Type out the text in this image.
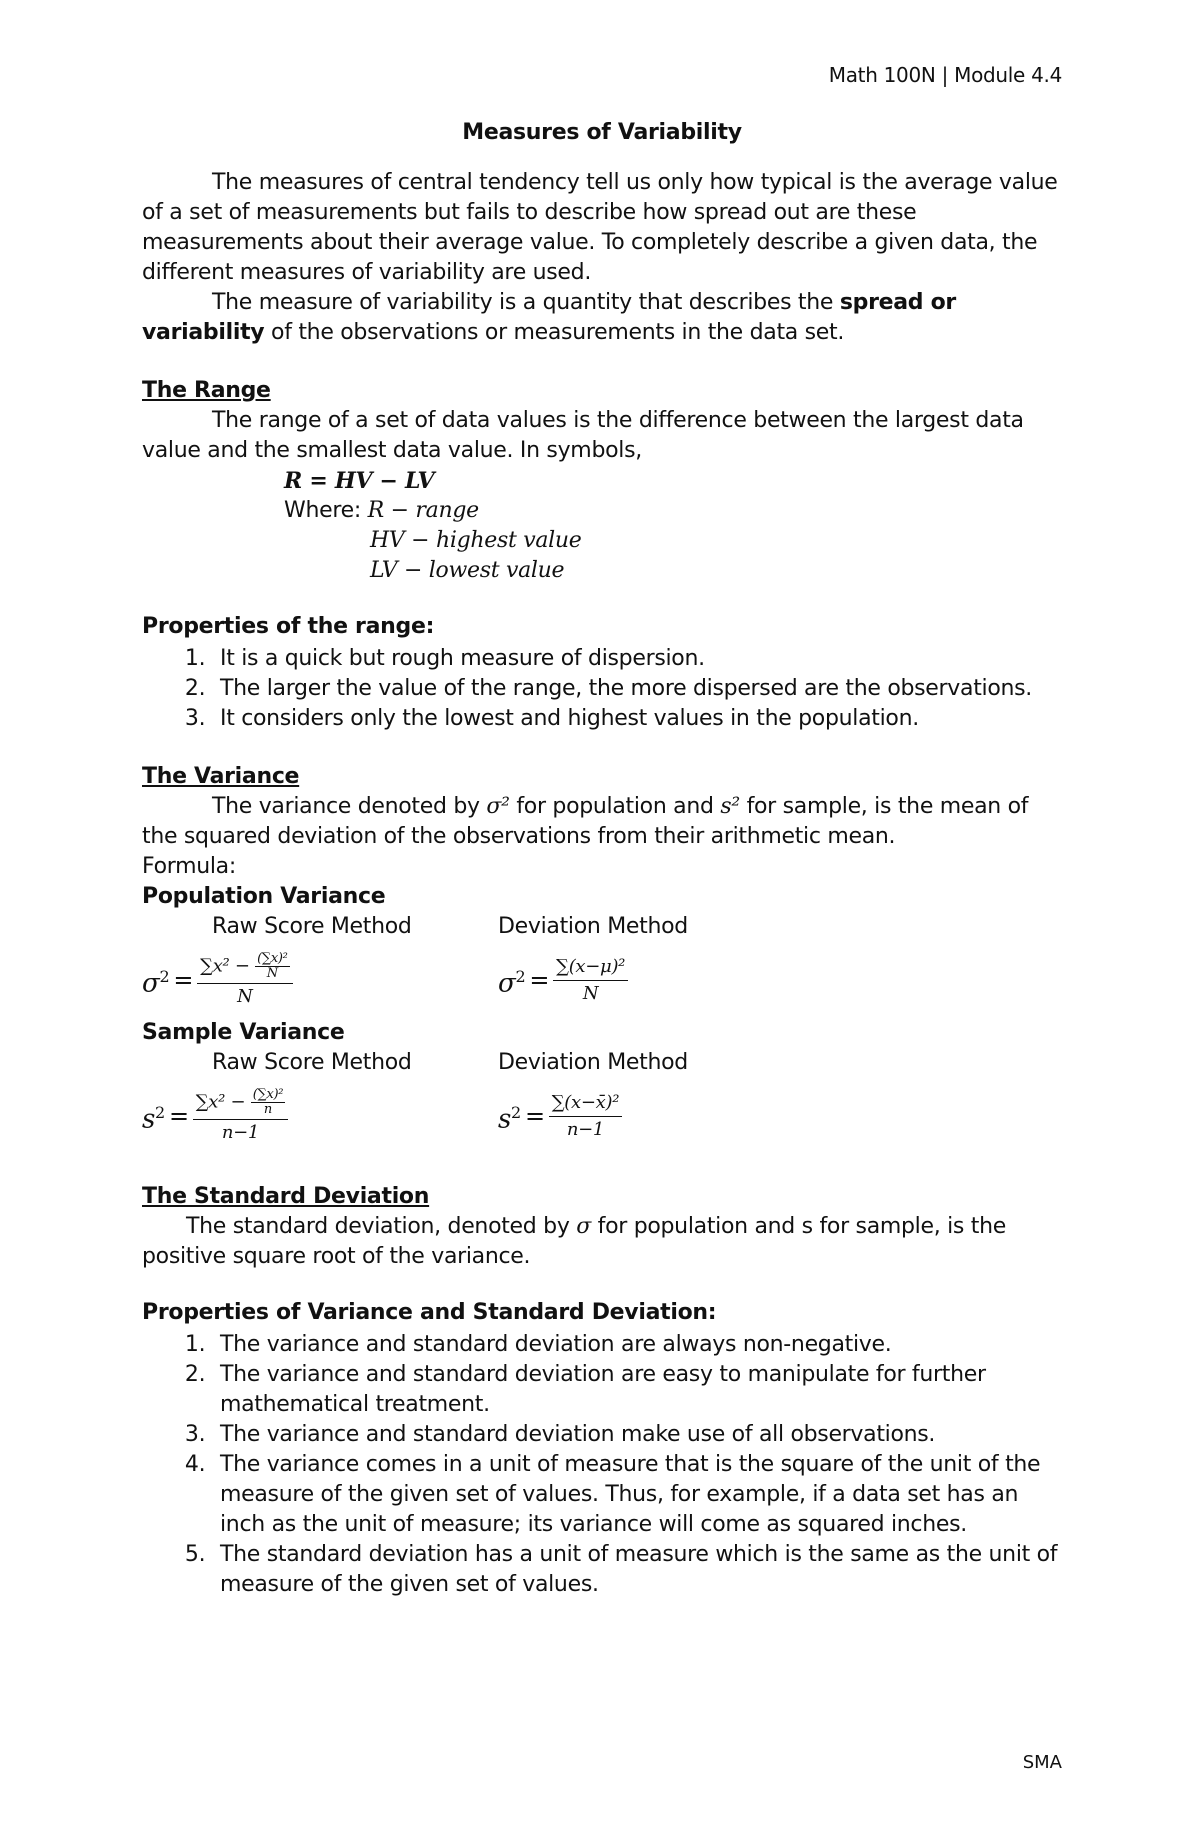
Math 100N | Module 4.4
Measures of Variability

The measures of central tendency tell us only how typical is the average value of a set of measurements but fails to describe how spread out are these measurements about their average value. To completely describe a given data, the different measures of variability are used.

The measure of variability is a quantity that describes the spread or variability of the observations or measurements in the data set.

The Range

The range of a set of data values is the difference between the largest data value and the smallest data value. In symbols,

R = HV − LV
Where: R − range
HV − highest value
LV − lowest value
Properties of the range:
1. It is a quick but rough measure of dispersion.
2. The larger the value of the range, the more dispersed are the observations.
3. It considers only the lowest and highest values in the population.
The Variance

The variance denoted by σ² for population and s² for sample, is the mean of the squared deviation of the observations from their arithmetic mean.

Formula:

Population Variance
Raw Score Method
$\sigma^2 = \frac{\sum x^2 - \frac{\text{(∑x)²}}{N}}{N}$
Deviation Method
$\sigma^2 = \frac{\text{∑(x−μ)²}}{N}$
Sample Variance
Raw Score Method
$s^2 = \frac{\sum x^2 - \frac{\text{(∑x)²}}{n}}{n-1}$
Deviation Method
$s^2 = \frac{\text{∑(x−x̄)²}}{n-1}$
The Standard Deviation

The standard deviation, denoted by σ for population and s for sample, is the positive square root of the variance.

Properties of Variance and Standard Deviation:
1. The variance and standard deviation are always non-negative.
2. The variance and standard deviation are easy to manipulate for further mathematical treatment.
3. The variance and standard deviation make use of all observations.
4. The variance comes in a unit of measure that is the square of the unit of the measure of the given set of values. Thus, for example, if a data set has an inch as the unit of measure; its variance will come as squared inches.
5. The standard deviation has a unit of measure which is the same as the unit of measure of the given set of values.
SMA
